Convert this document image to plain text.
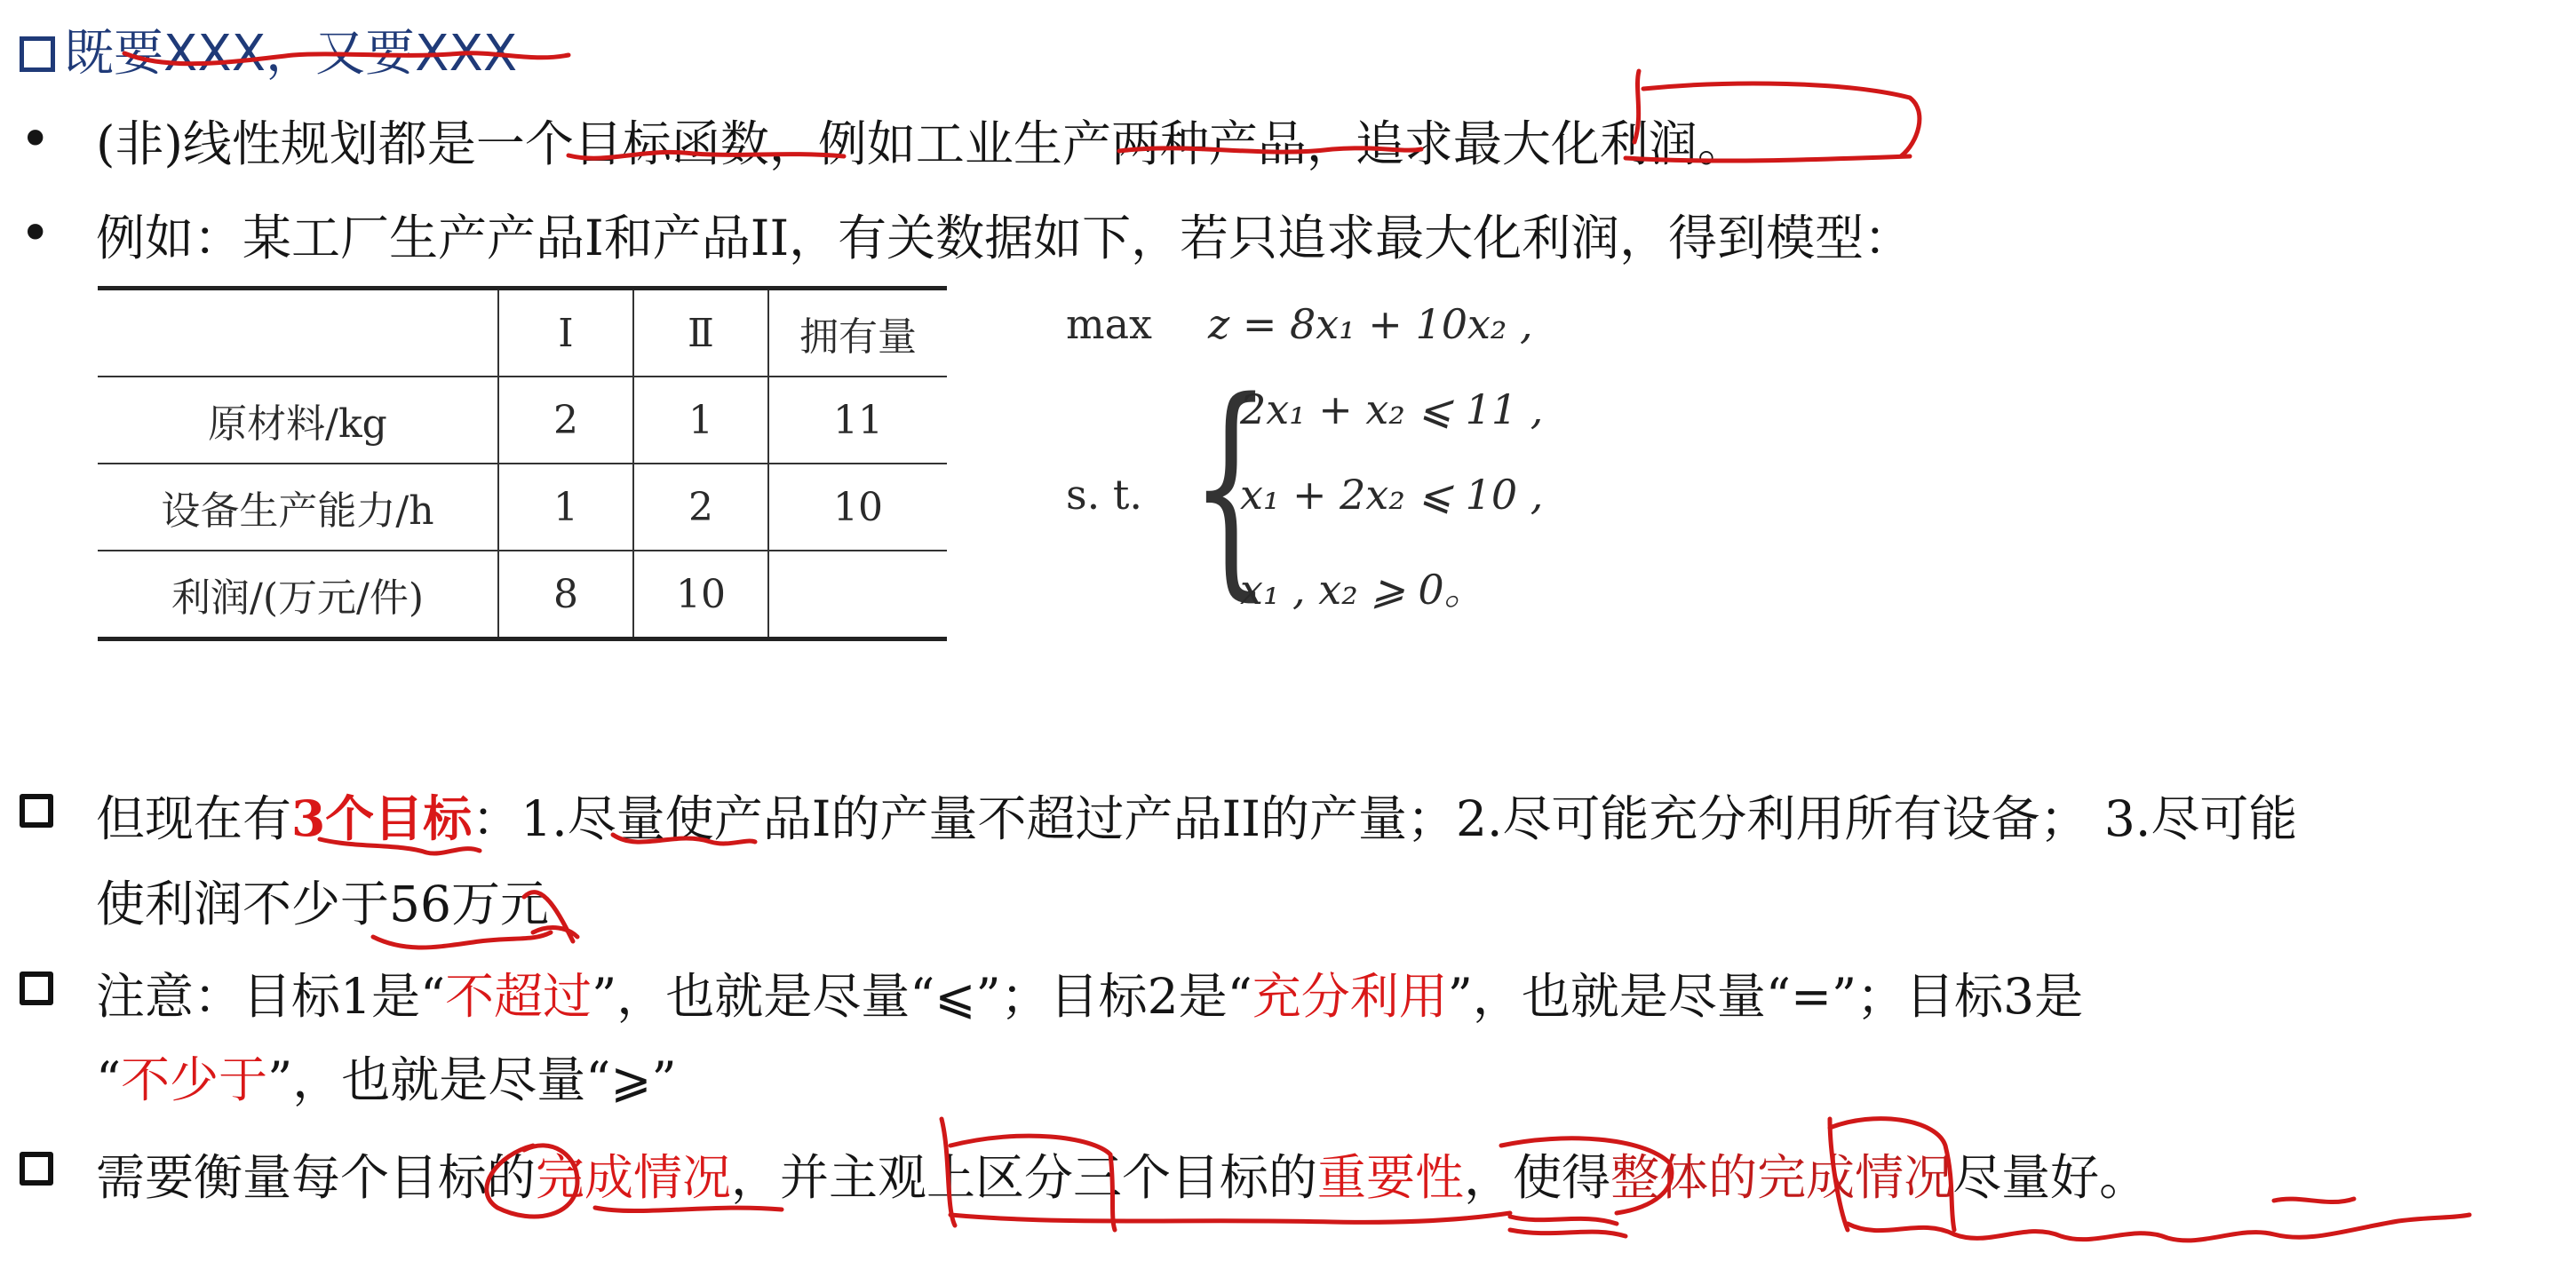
既要XXX，又要XXX
• (非)线性规划都是一个目标函数，例如工业生产两种产品，追求最大化利润。
• 例如：某工厂生产产品I和产品II，有关数据如下，若只追求最大化利润，得到模型：
	Ⅰ	Ⅱ	拥有量
原材料/kg	2	1	11
设备生产能力/h	1	2	10
利润/(万元/件)	8	10	
max z = 8x₁ + 10x₂ ,
s. t. {
2x₁ + x₂ ⩽ 11 ,
x₁ + 2x₂ ⩽ 10 ,
x₁ , x₂ ⩾ 0。
但现在有3个目标：1.尽量使产品I的产量不超过产品II的产量；2.尽可能充分利用所有设备； 3.尽可能
使利润不少于56万元
注意：目标1是“不超过”，也就是尽量“⩽”；目标2是“充分利用”，也就是尽量“=”；目标3是
“不少于”，也就是尽量“⩾”
需要衡量每个目标的完成情况，并主观上区分三个目标的重要性，使得整体的完成情况尽量好。
